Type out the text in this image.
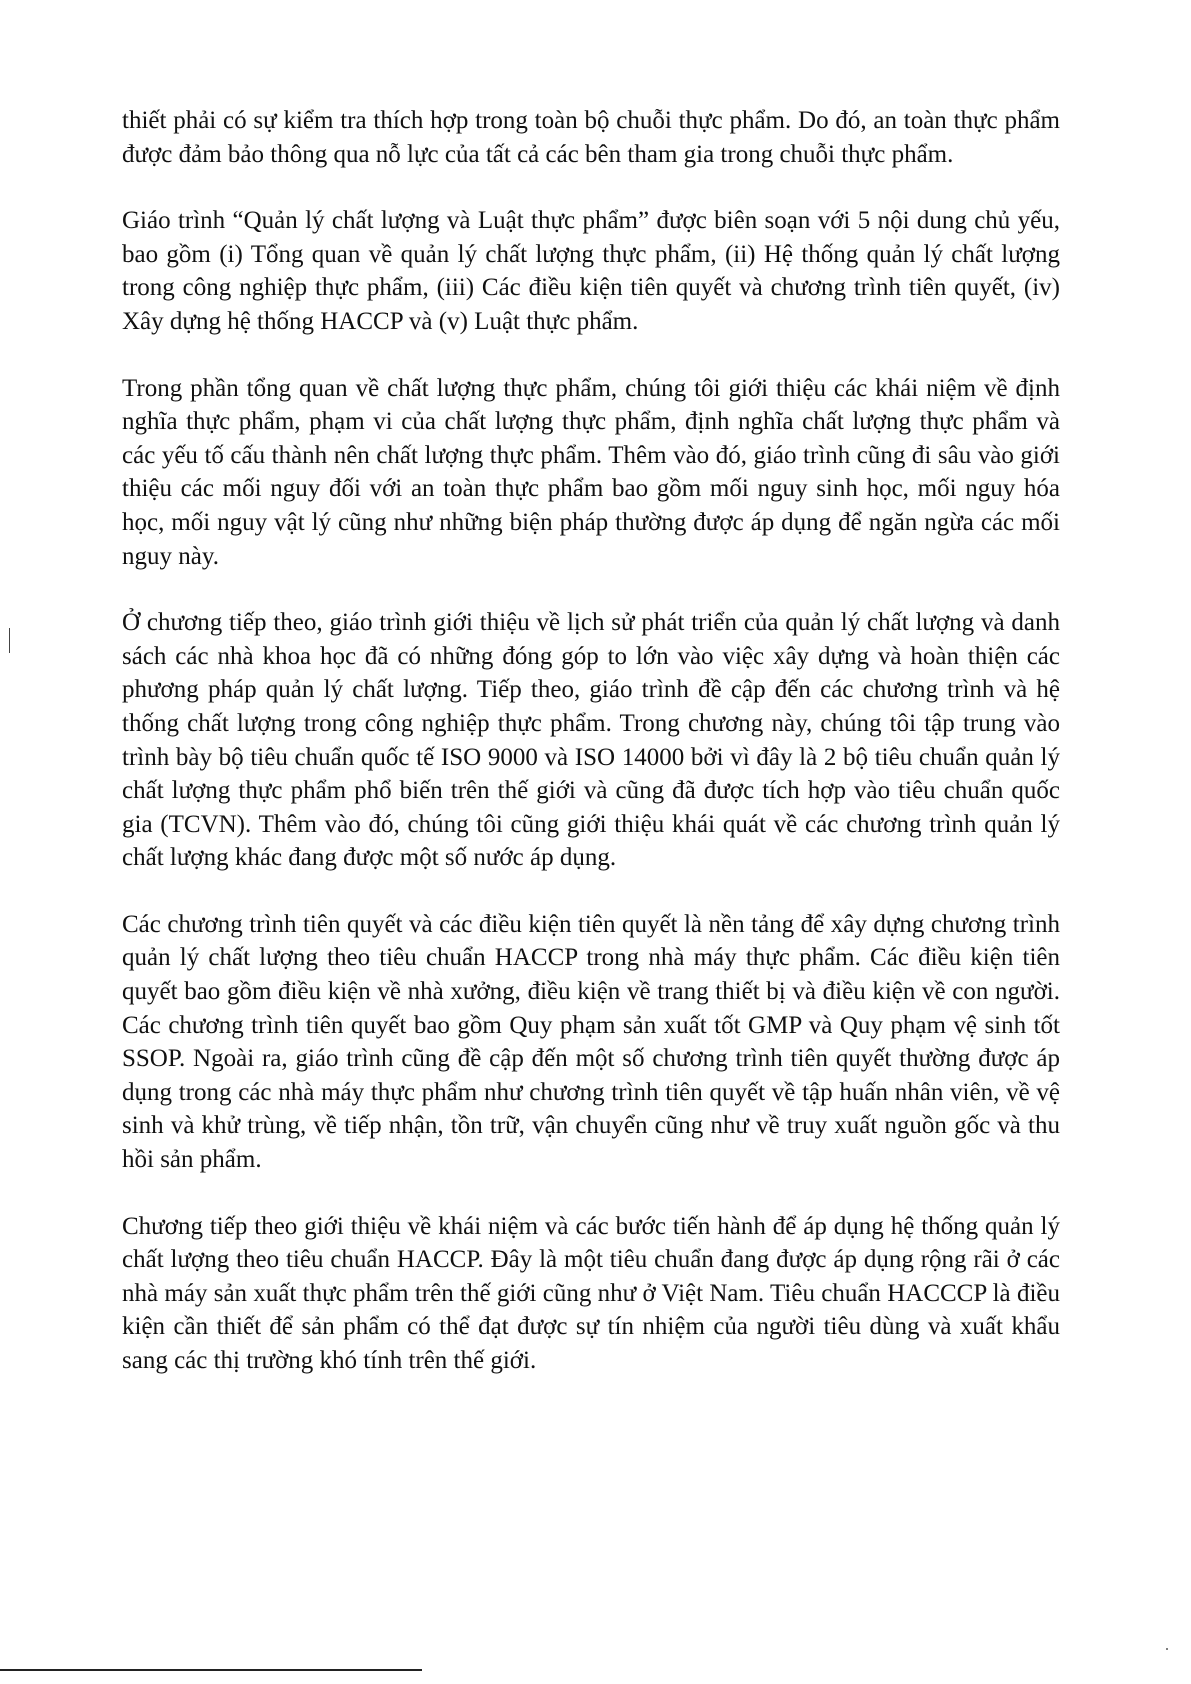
thiết phải có sự kiểm tra thích hợp trong toàn bộ chuỗi thực phẩm. Do đó, an toàn thực phẩm được đảm bảo thông qua nỗ lực của tất cả các bên tham gia trong chuỗi thực phẩm.

Giáo trình “Quản lý chất lượng và Luật thực phẩm” được biên soạn với 5 nội dung chủ yếu, bao gồm (i) Tổng quan về quản lý chất lượng thực phẩm, (ii) Hệ thống quản lý chất lượng trong công nghiệp thực phẩm, (iii) Các điều kiện tiên quyết và chương trình tiên quyết, (iv) Xây dựng hệ thống HACCP và (v) Luật thực phẩm.

Trong phần tổng quan về chất lượng thực phẩm, chúng tôi giới thiệu các khái niệm về định nghĩa thực phẩm, phạm vi của chất lượng thực phẩm, định nghĩa chất lượng thực phẩm và các yếu tố cấu thành nên chất lượng thực phẩm. Thêm vào đó, giáo trình cũng đi sâu vào giới thiệu các mối nguy đối với an toàn thực phẩm bao gồm mối nguy sinh học, mối nguy hóa học, mối nguy vật lý cũng như những biện pháp thường được áp dụng để ngăn ngừa các mối nguy này.

Ở chương tiếp theo, giáo trình giới thiệu về lịch sử phát triển của quản lý chất lượng và danh sách các nhà khoa học đã có những đóng góp to lớn vào việc xây dựng và hoàn thiện các phương pháp quản lý chất lượng. Tiếp theo, giáo trình đề cập đến các chương trình và hệ thống chất lượng trong công nghiệp thực phẩm. Trong chương này, chúng tôi tập trung vào trình bày bộ tiêu chuẩn quốc tế ISO 9000 và ISO 14000 bởi vì đây là 2 bộ tiêu chuẩn quản lý chất lượng thực phẩm phổ biến trên thế giới và cũng đã được tích hợp vào tiêu chuẩn quốc gia (TCVN). Thêm vào đó, chúng tôi cũng giới thiệu khái quát về các chương trình quản lý chất lượng khác đang được một số nước áp dụng.

Các chương trình tiên quyết và các điều kiện tiên quyết là nền tảng để xây dựng chương trình quản lý chất lượng theo tiêu chuẩn HACCP trong nhà máy thực phẩm. Các điều kiện tiên quyết bao gồm điều kiện về nhà xưởng, điều kiện về trang thiết bị và điều kiện về con người. Các chương trình tiên quyết bao gồm Quy phạm sản xuất tốt GMP và Quy phạm vệ sinh tốt SSOP. Ngoài ra, giáo trình cũng đề cập đến một số chương trình tiên quyết thường được áp dụng trong các nhà máy thực phẩm như chương trình tiên quyết về tập huấn nhân viên, về vệ sinh và khử trùng, về tiếp nhận, tồn trữ, vận chuyển cũng như về truy xuất nguồn gốc và thu hồi sản phẩm.

Chương tiếp theo giới thiệu về khái niệm và các bước tiến hành để áp dụng hệ thống quản lý chất lượng theo tiêu chuẩn HACCP. Đây là một tiêu chuẩn đang được áp dụng rộng rãi ở các nhà máy sản xuất thực phẩm trên thế giới cũng như ở Việt Nam. Tiêu chuẩn HACCCP là điều kiện cần thiết để sản phẩm có thể đạt được sự tín nhiệm của người tiêu dùng và xuất khẩu sang các thị trường khó tính trên thế giới.
